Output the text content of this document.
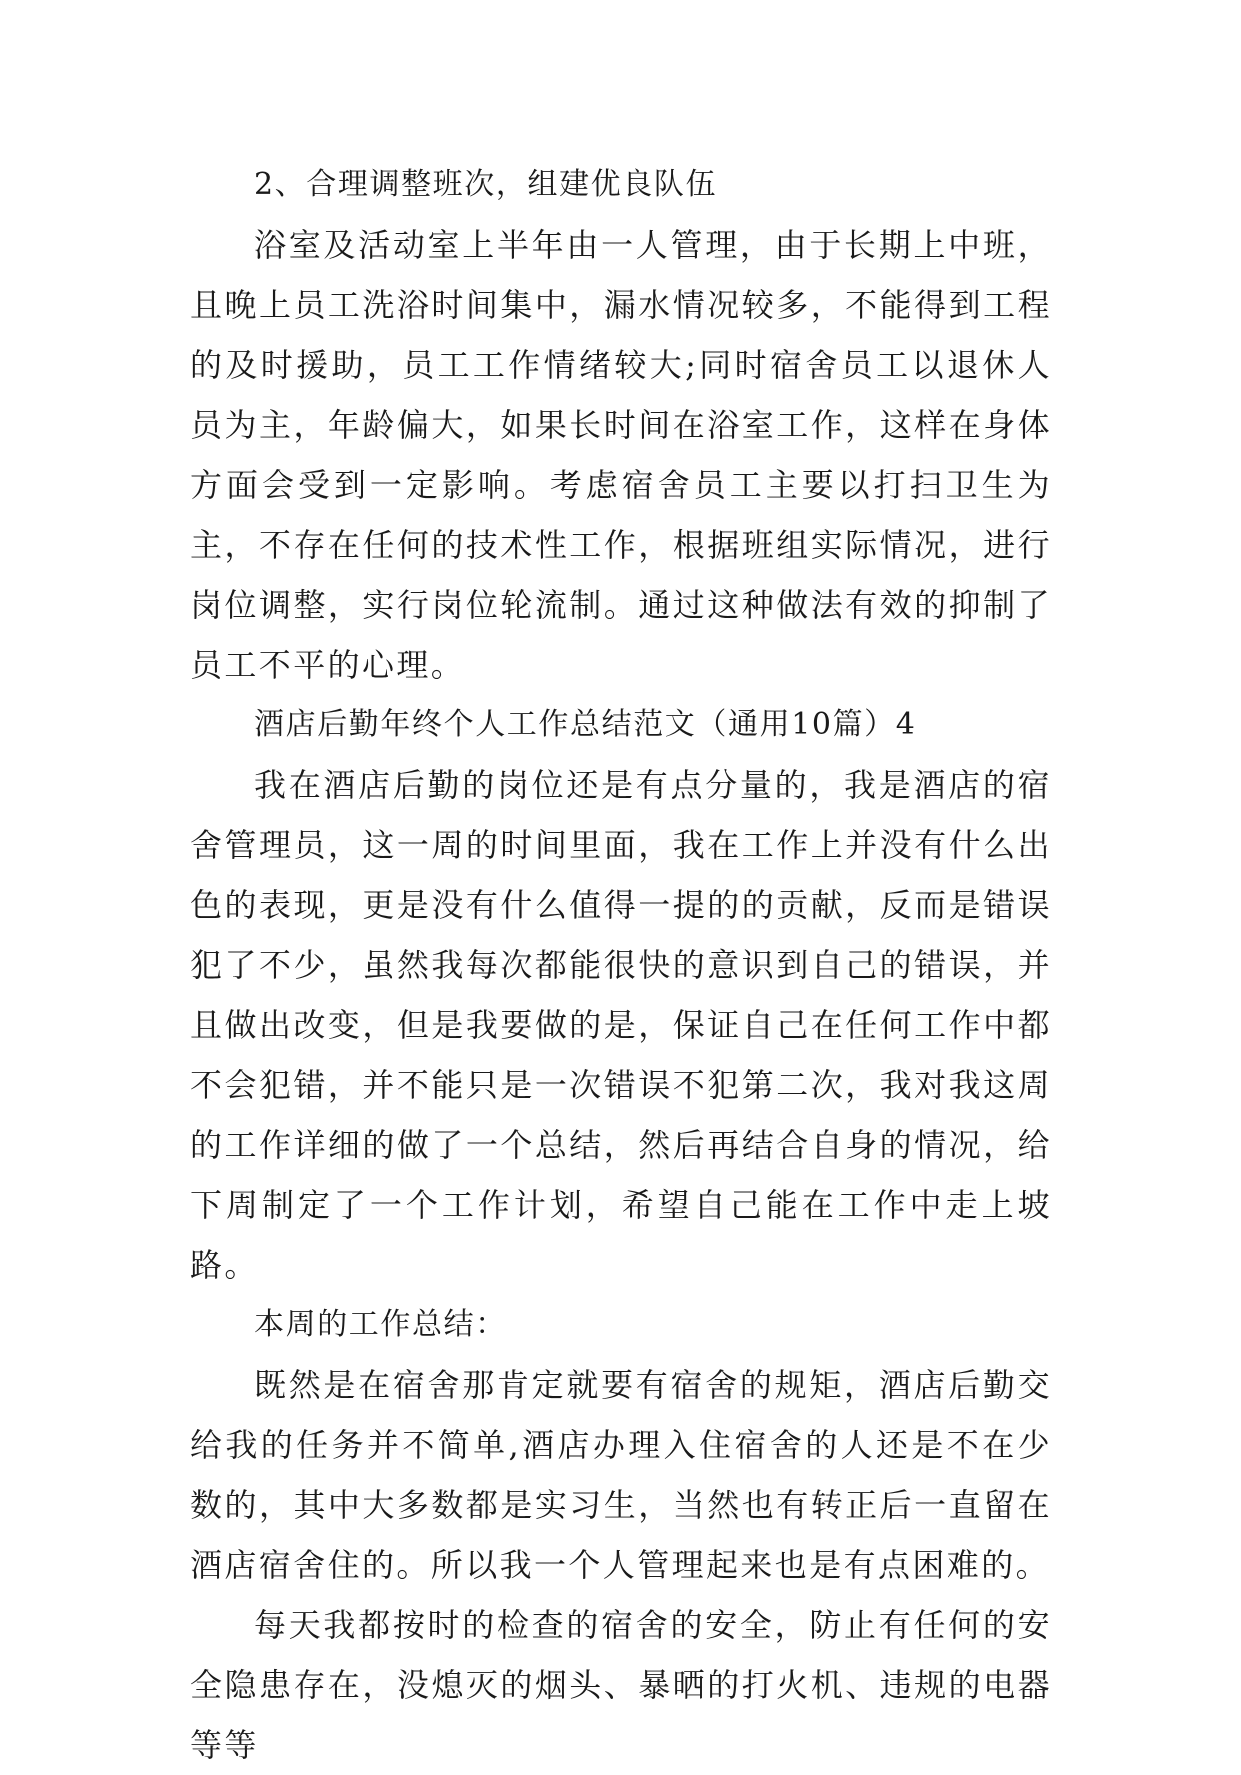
2、合理调整班次，组建优良队伍

浴室及活动室上半年由一人管理，由于长期上中班，且晚上员工洗浴时间集中，漏水情况较多，不能得到工程的及时援助，员工工作情绪较大;同时宿舍员工以退休人员为主，年龄偏大，如果长时间在浴室工作，这样在身体方面会受到一定影响。考虑宿舍员工主要以打扫卫生为主，不存在任何的技术性工作，根据班组实际情况，进行岗位调整，实行岗位轮流制。通过这种做法有效的抑制了员工不平的心理。

酒店后勤年终个人工作总结范文（通用10篇）4

我在酒店后勤的岗位还是有点分量的，我是酒店的宿舍管理员，这一周的时间里面，我在工作上并没有什么出色的表现，更是没有什么值得一提的的贡献，反而是错误犯了不少，虽然我每次都能很快的意识到自己的错误，并且做出改变，但是我要做的是，保证自己在任何工作中都不会犯错，并不能只是一次错误不犯第二次，我对我这周的工作详细的做了一个总结，然后再结合自身的情况，给下周制定了一个工作计划，希望自己能在工作中走上坡路。

本周的工作总结：

既然是在宿舍那肯定就要有宿舍的规矩，酒店后勤交给我的任务并不简单,酒店办理入住宿舍的人还是不在少数的，其中大多数都是实习生，当然也有转正后一直留在酒店宿舍住的。所以我一个人管理起来也是有点困难的。

每天我都按时的检查的宿舍的安全，防止有任何的安全隐患存在，没熄灭的烟头、暴晒的打火机、违规的电器等等
